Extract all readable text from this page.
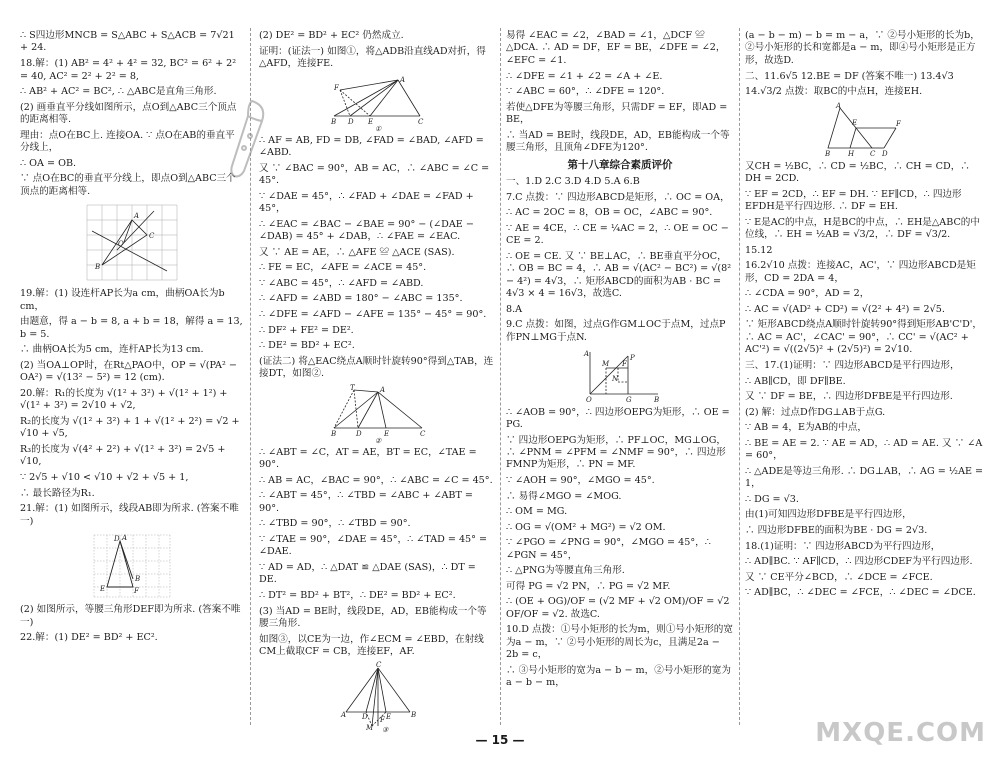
∴ S四边形MNCB = S△ABC + S△ACB = 7√21 + 24.

18.解：(1) AB² = 4² + 4² = 32, BC² = 6² + 2² = 40, AC² = 2² + 2² = 8,

∴ AB² + AC² = BC², ∴ △ABC是直角三角形.

(2) 画垂直平分线如图所示，点O到△ABC三个顶点的距离相等.

理由：点O在BC上. 连接OA. ∵ 点O在AB的垂直平分线上，

∴ OA = OB.

∵ 点O在BC的垂直平分线上，即点O到△ABC三个顶点的距离相等.

A
B
O
C

19.解：(1) 设连杆AP长为a cm，曲柄OA长为b cm，

由题意，得 a − b = 8, a + b = 18，解得 a = 13, b = 5.

∴ 曲柄OA长为5 cm，连杆AP长为13 cm.

(2) 当OA⊥OP时，在Rt△PAO中，OP = √(PA² − OA²) = √(13² − 5²) = 12 (cm).

20.解：R₁的长度为 √(1² + 3²) + √(1² + 1²) + √(1² + 3²) = 2√10 + √2,

R₂的长度为 √(1² + 3²) + 1 + √(1² + 2²) = √2 + √10 + √5,

R₃的长度为 √(4² + 2²) + √(1² + 3²) = 2√5 + √10,

∵ 2√5 + √10 < √10 + √2 + √5 + 1,

∴ 最长路径为R₁.

21.解：(1) 如图所示，线段AB即为所求. (答案不唯一)

A
B
E
D
F

(2) 如图所示，等腰三角形DEF即为所求. (答案不唯一)

22.解：(1) DE² = BD² + EC².

(2) DE² = BD² + EC² 仍然成立.

证明：(证法一) 如图①，将△ADB沿直线AD对折，得△AFD，连接FE.

A
F
B D E	C
①

∴ AF = AB, FD = DB, ∠FAD = ∠BAD, ∠AFD = ∠ABD.

又 ∵ ∠BAC = 90°，AB = AC，∴ ∠ABC = ∠C = 45°.

∵ ∠DAE = 45°，∴ ∠FAD + ∠DAE = ∠FAD + 45°，

∴ ∠EAC = ∠BAC − ∠BAE = 90° − (∠DAE − ∠DAB) = 45° + ∠DAB，∴ ∠FAE = ∠EAC.

又 ∵ AE = AE，∴ △AFE ≌ △ACE (SAS).

∴ FE = EC，∠AFE = ∠ACE = 45°.

∵ ∠ABC = 45°，∴ ∠AFD = ∠ABD.

∴ ∠AFD = ∠ABD = 180° − ∠ABC = 135°.

∴ ∠DFE = ∠AFD − ∠AFE = 135° − 45° = 90°.

∴ DF² + FE² = DE².

∴ DE² = BD² + EC².

(证法二) 将△EAC绕点A顺时针旋转90°得到△TAB，连接DT，如图②.

T	A
B	D	E	C
②

∴ ∠ABT = ∠C，AT = AE，BT = EC，∠TAE = 90°.

∴ AB = AC，∠BAC = 90°，∴ ∠ABC = ∠C = 45°.

∴ ∠ABT = 45°，∴ ∠TBD = ∠ABC + ∠ABT = 90°.

∴ ∠TBD = 90°，∴ ∠TBD = 90°.

∵ ∠TAE = 90°，∠DAE = 45°，∴ ∠TAD = 45° = ∠DAE.

∵ AD = AD，∴ △DAT ≌ △DAE (SAS)，∴ DT = DE.

∴ DT² = BD² + BT²，∴ DE² = BD² + EC².

(3) 当AD = BE时，线段DE，AD，EB能构成一个等腰三角形.

如图③，以CE为一边，作∠ECM = ∠EBD，在射线CM上截取CF = CB，连接EF，AF.

C
F
A D	E	B
M ③

易得 ∠EAC = ∠2，∠BAD = ∠1，△DCF ≌ △DCA. ∴ AD = DF，EF = BE，∠DFE = ∠2，∠EFC = ∠1.

∴ ∠DFE = ∠1 + ∠2 = ∠A + ∠E.

∵ ∠ABC = 60°，∴ ∠DFE = 120°.

若使△DFE为等腰三角形，只需DF = EF，即AD = BE，

∴ 当AD = BE时，线段DE，AD，EB能构成一个等腰三角形，且顶角∠DFE为120°.

第十八章综合素质评价

一、1.D 2.C 3.D 4.D 5.A 6.B

7.C 点拨：∵ 四边形ABCD是矩形，∴ OC = OA，

∴ AC = 2OC = 8，OB = OC，∠ABC = 90°.

∵ AE = 4CE，∴ CE = ¼AC = 2，∴ OE = OC − CE = 2.

∴ OE = CE. 又 ∵ BE⊥AC，∴ BE垂直平分OC，∴ OB = BC = 4，∴ AB = √(AC² − BC²) = √(8² − 4²) = 4√3，∴ 矩形ABCD的面积为AB · BC = 4√3 × 4 = 16√3，故选C.

8.A

9.C 点拨：如图，过点G作GM⊥OC于点M，过点P作PN⊥MG于点N.

A
M
P
F
N
O	G	B

∴ ∠AOB = 90°，∴ 四边形OEPG为矩形，∴ OE = PG.

∵ 四边形OEPG为矩形，∴ PF⊥OC，MG⊥OG，∴ ∠PNM = ∠PFM = ∠NMF = 90°，∴ 四边形FMNP为矩形，∴ PN = MF.

∵ ∠AOH = 90°，∠MGO = 45°.

∴ 易得∠MGO = ∠MOG.

∴ OM = MG.

∴ OG = √(OM² + MG²) = √2 OM.

∵ ∠PGO = ∠PNG = 90°，∠MGO = 45°，∴ ∠PGN = 45°，

∴ △PNG为等腰直角三角形.

可得 PG = √2 PN，∴ PG = √2 MF.

∴ (OE + OG)/OF = (√2 MF + √2 OM)/OF = √2 OF/OF = √2. 故选C.

10.D 点拨：①号小矩形的长为m，则①号小矩形的宽为a − m，∵ ②号小矩形的周长为c，且满足2a − 2b = c，

∴ ③号小矩形的宽为a − b − m，②号小矩形的宽为a − b − m，

(a − b − m) − b = m − a，∵ ②号小矩形的长为b，②号小矩形的长和宽都是a − m，即④号小矩形是正方形，故选D.

二、11.6√5 12.BE = DF (答案不唯一) 13.4√3

14.√3/2 点拨：取BC的中点H，连接EH.

A
E	F
B	H C D

又CH = ½BC，∴ CD = ½BC，∴ CH = CD，∴ DH = 2CD.

∵ EF = 2CD，∴ EF = DH. ∵ EF∥CD，∴ 四边形EFDH是平行四边形. ∴ DF = EH.

∵ E是AC的中点，H是BC的中点，∴ EH是△ABC的中位线，∴ EH = ½AB = √3/2，∴ DF = √3/2.

15.12

16.2√10 点拨：连接AC，AC'，∵ 四边形ABCD是矩形，CD = 2DA = 4，

∴ ∠CDA = 90°，AD = 2，

∴ AC = √(AD² + CD²) = √(2² + 4²) = 2√5.

∵ 矩形ABCD绕点A顺时针旋转90°得到矩形AB'C'D'，∴ AC = AC'，∠CAC' = 90°，∴ CC' = √(AC² + AC'²) = √((2√5)² + (2√5)²) = 2√10.

三、17.(1)证明：∵ 四边形ABCD是平行四边形，

∴ AB∥CD，即 DF∥BE.

又 ∵ DF = BE，∴ 四边形DFBE是平行四边形.

(2) 解：过点D作DG⊥AB于点G.

∵ AB = 4，E为AB的中点，

∴ BE = AE = 2. ∵ AE = AD，∴ AD = AE. 又 ∵ ∠A = 60°，

∴ △ADE是等边三角形. ∴ DG⊥AB，∴ AG = ½AE = 1，

∴ DG = √3.

由(1)可知四边形DFBE是平行四边形，

∴ 四边形DFBE的面积为BE · DG = 2√3.

18.(1)证明：∵ 四边形ABCD为平行四边形，

∴ AD∥BC. ∵ AF∥CD，∴ 四边形CDEF为平行四边形.

又 ∵ CE平分∠BCD，∴ ∠DCE = ∠FCE.

∵ AD∥BC，∴ ∠DEC = ∠FCE，∴ ∠DEC = ∠DCE.

— 15 —	MXQE.COM
